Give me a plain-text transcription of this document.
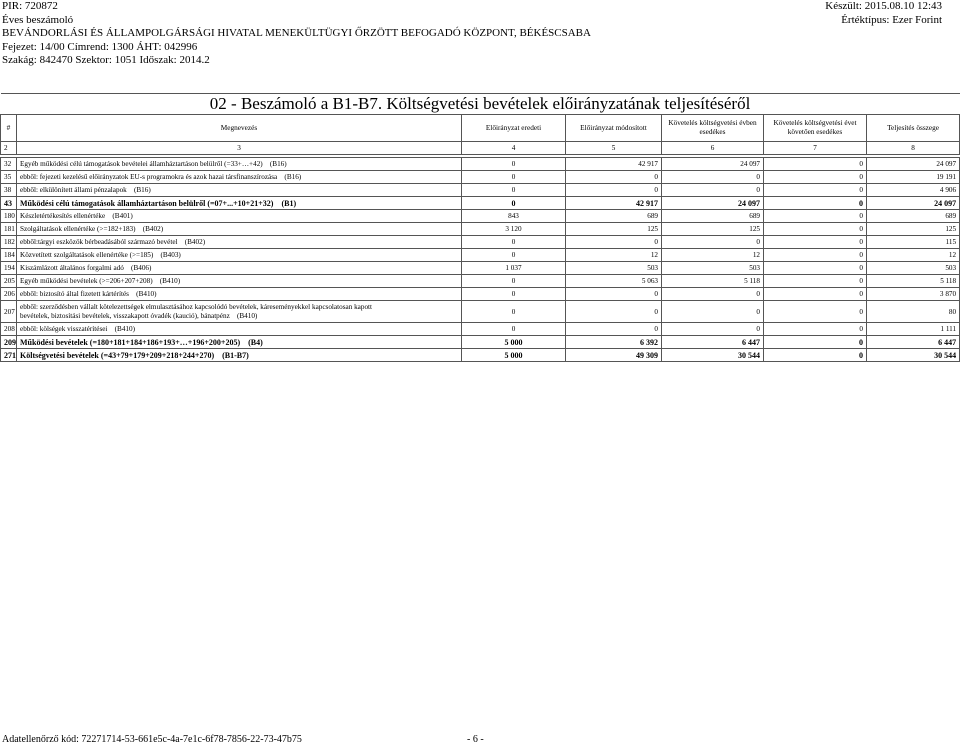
PIR: 720872
Éves beszámoló
BEVÁNDORLÁSI ÉS ÁLLAMPOLGÁRSÁGI HIVATAL MENEKÜLTÜGYI ŐRZÖTT BEFOGADÓ KÖZPONT, BÉKÉSCSABA
Fejezet: 14/00 Címrend: 1300 ÁHT: 042996
Szakág: 842470 Szektor: 1051 Időszak: 2014.2
Készült: 2015.08.10 12:43
Értéktípus: Ezer Forint
02 - Beszámoló a B1-B7. Költségvetési bevételek előirányzatának teljesítéséről						
#	Megnevezés	Előirányzat eredeti	Előirányzat módosított	Követelés költségvetési évben esedékes	Követelés költségvetési évet követően esedékes	Teljesítés összege
2	3	4	5	6	7	8

32	Egyéb működési célú támogatások bevételei államháztartáson belülről (=33+…+42) (B16)	0	42 917	24 097	0	24 097
35	ebből: fejezeti kezelésű előirányzatok EU-s programokra és azok hazai társfinanszírozása (B16)	0	0	0	0	19 191
38	ebből: elkülönített állami pénzalapok (B16)	0	0	0	0	4 906
43	Működési célú támogatások államháztartáson belülről (=07+...+10+21+32) (B1)	0	42 917	24 097	0	24 097
180	Készletértékesítés ellenértéke (B401)	843	689	689	0	689
181	Szolgáltatások ellenértéke (>=182+183) (B402)	3 120	125	125	0	125
182	ebből:tárgyi eszközök bérbeadásából származó bevétel (B402)	0	0	0	0	115
184	Közvetített szolgáltatások ellenértéke (>=185) (B403)	0	12	12	0	12
194	Kiszámlázott általános forgalmi adó (B406)	1 037	503	503	0	503
205	Egyéb működési bevételek (>=206+207+208) (B410)	0	5 063	5 118	0	5 118
206	ebből: biztosító által fizetett kártérítés (B410)	0	0	0	0	3 870
207	ebből: szerződésben vállalt kötelezettségek elmulasztásához kapcsolódó bevételek, káreseményekkel kapcsolatosan kapott
bevételek, biztosítási bevételek, visszakapott óvadék (kaució), bánatpénz (B410)	0	0	0	0	80
208	ebből: kölségek visszatérítései (B410)	0	0	0	0	1 111
209	Működési bevételek (=180+181+184+186+193+…+196+200+205) (B4)	5 000	6 392	6 447	0	6 447
271	Költségvetési bevételek (=43+79+179+209+218+244+270) (B1-B7)	5 000	49 309	30 544	0	30 544
Adatellenőrző kód: 72271714-53-661e5c-4a-7e1c-6f78-7856-22-73-47b75	- 6 -
